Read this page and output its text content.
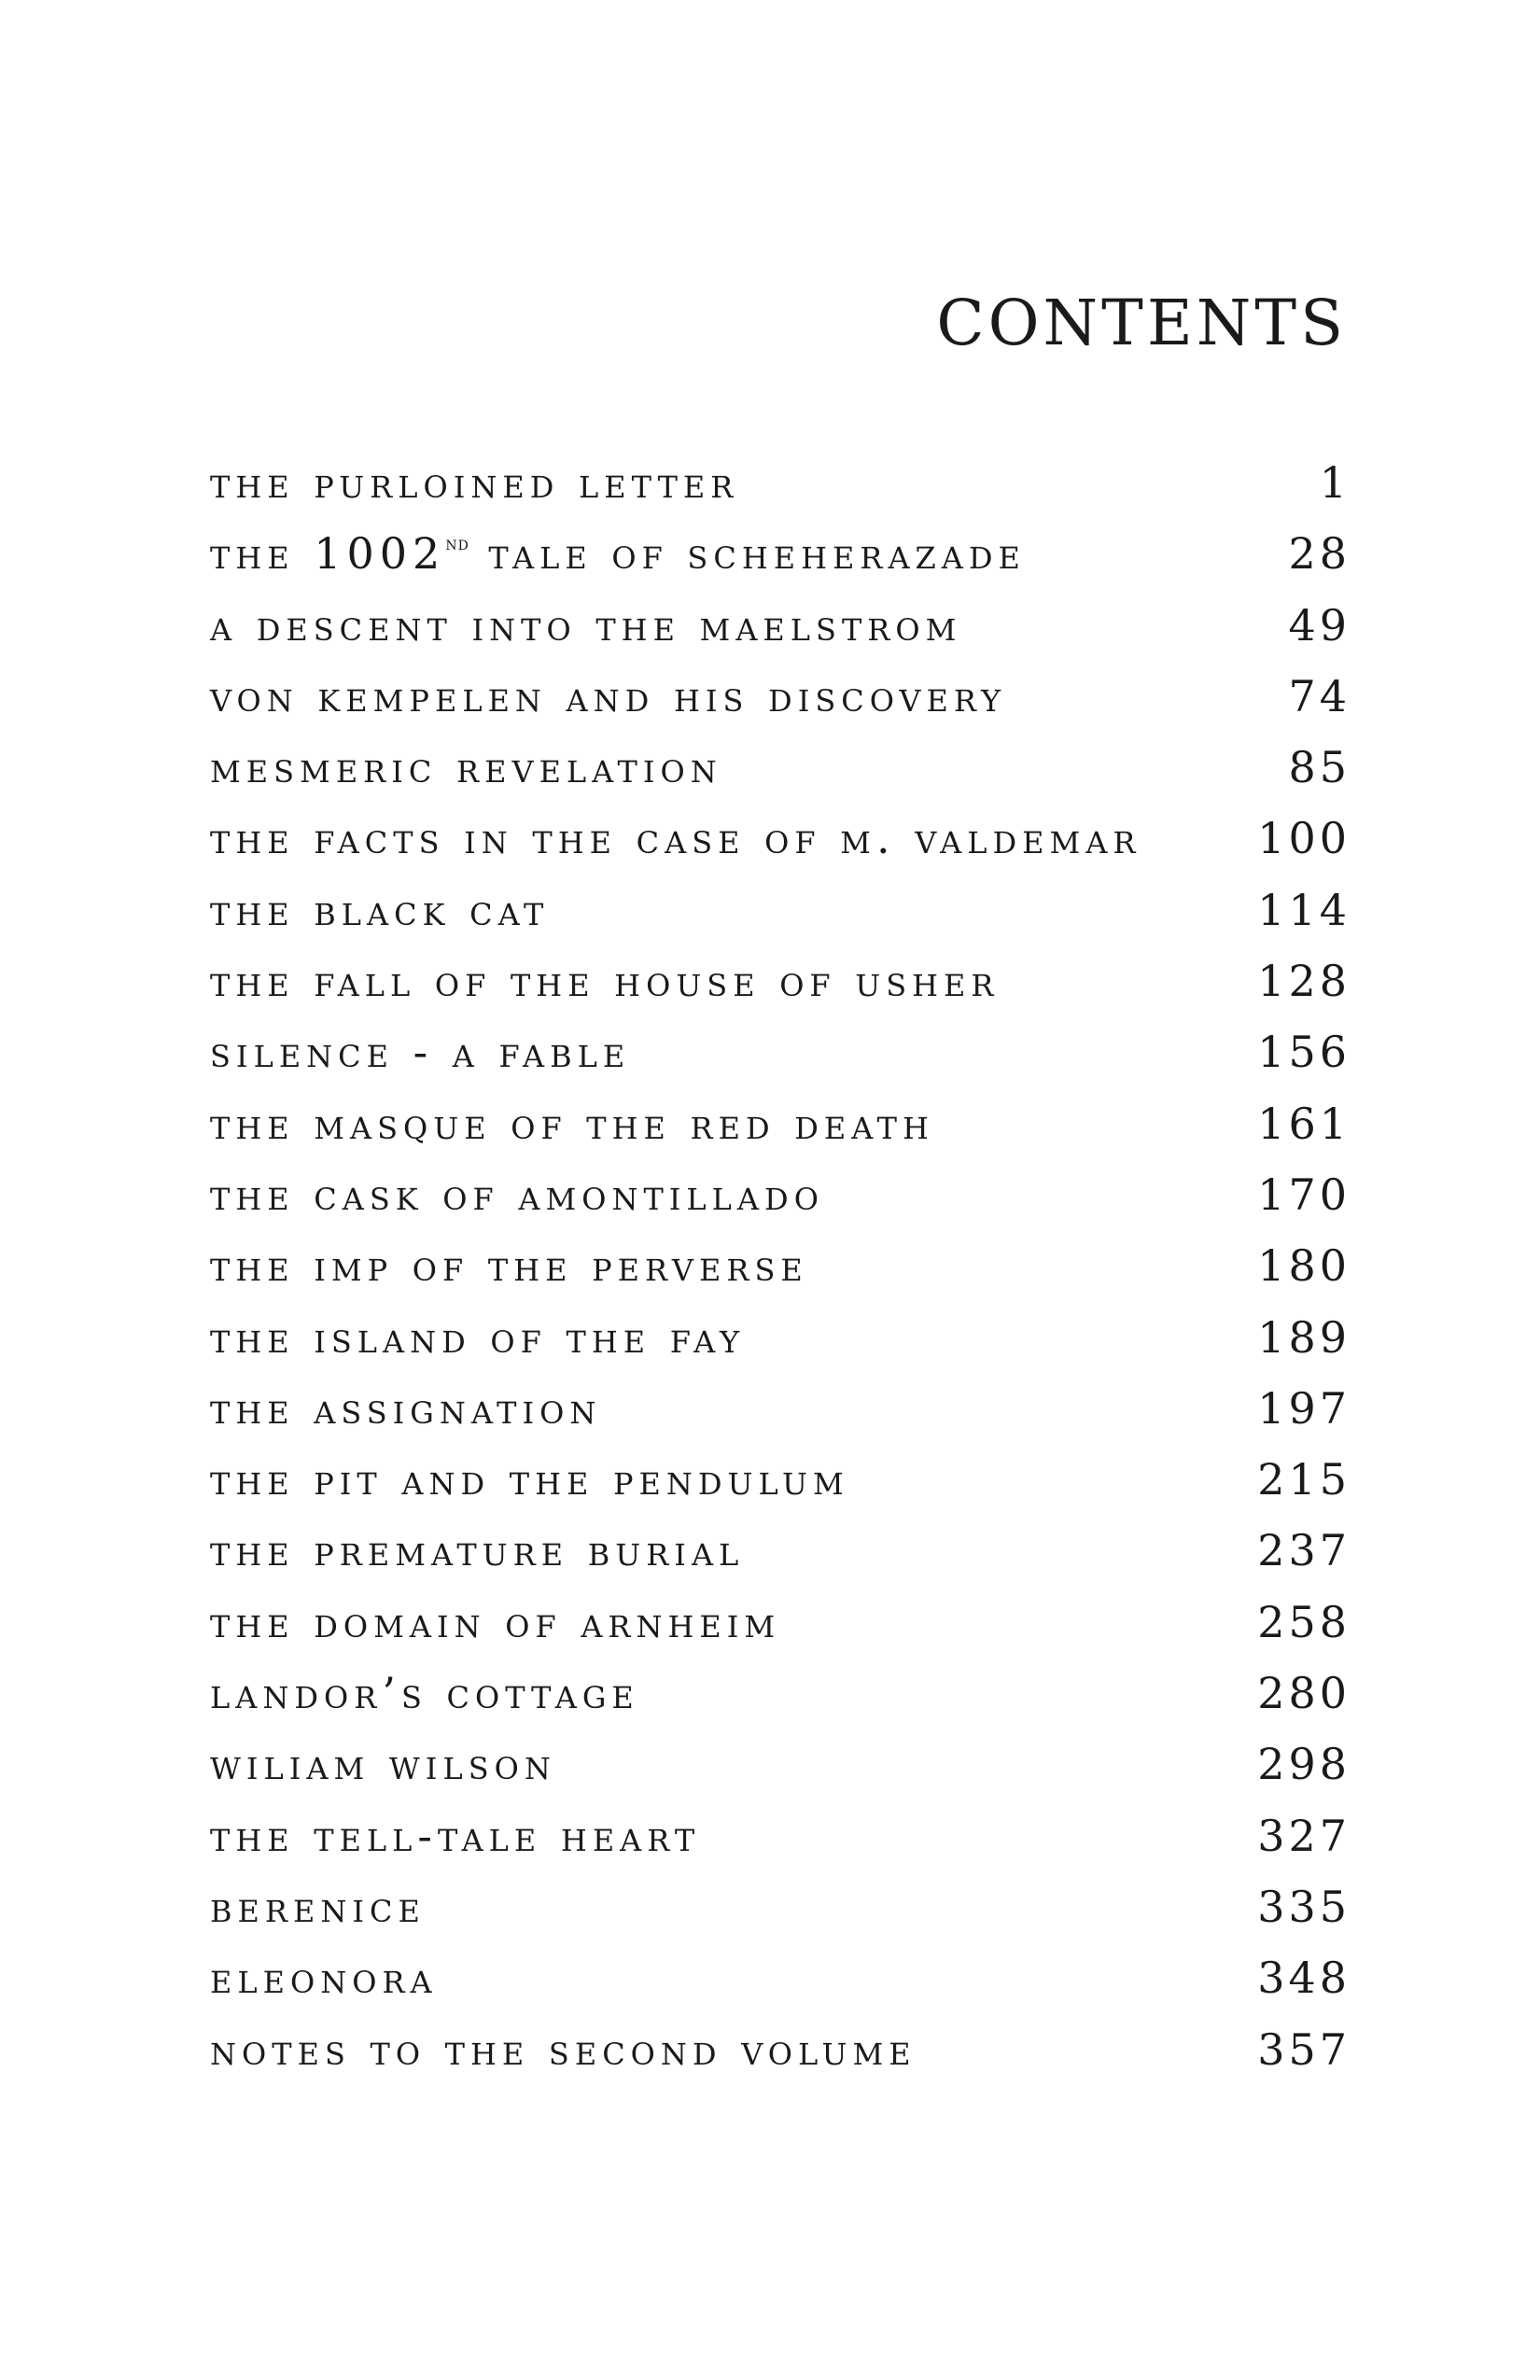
contents
the purloined letter	1
the 1002nd tale of scheherazade	28
a descent into the maelstrom	49
von kempelen and his discovery	74
mesmeric revelation	85
the facts in the case of m. valdemar	100
the black cat	114
the fall of the house of usher	128
silence - a fable	156
the masque of the red death	161
the cask of amontillado	170
the imp of the perverse	180
the island of the fay	189
the assignation	197
the pit and the pendulum	215
the premature burial	237
the domain of arnheim	258
landor’s cottage	280
wiliam wilson	298
the tell-tale heart	327
berenice	335
eleonora	348
notes to the second volume	357
